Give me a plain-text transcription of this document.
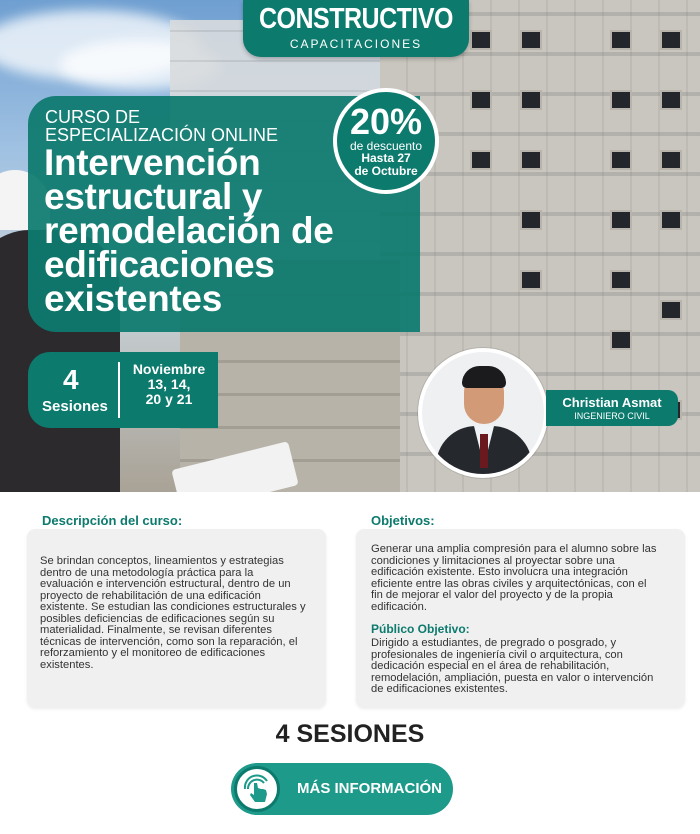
CONSTRUCTIVO
CAPACITACIONES
CURSO DE
ESPECIALIZACIÓN ONLINE
Intervención
estructural y
remodelación de
edificaciones
existentes
20%
de descuento
Hasta 27
de Octubre
4
Sesiones
Noviembre
13, 14,
20 y 21	Christian Asmat
INGENIERO CIVIL
Descripción del curso:
Se brindan conceptos, lineamientos y estrategias
dentro de una metodología práctica para la
evaluación e intervención estructural, dentro de un
proyecto de rehabilitación de una edificación
existente. Se estudian las condiciones estructurales y
posibles deficiencias de edificaciones según su
materialidad. Finalmente, se revisan diferentes
técnicas de intervención, como son la reparación, el
reforzamiento y el monitoreo de edificaciones
existentes.
Objetivos:
Generar una amplia compresión para el alumno sobre las
condiciones y limitaciones al proyectar sobre una
edificación existente. Esto involucra una integración
eficiente entre las obras civiles y arquitectónicas, con el
fin de mejorar el valor del proyecto y de la propia
edificación.
Público Objetivo:
Dirigido a estudiantes, de pregrado o posgrado, y
profesionales de ingeniería civil o arquitectura, con
dedicación especial en el área de rehabilitación,
remodelación, ampliación, puesta en valor o intervención
de edificaciones existentes.
4 SESIONES
MÁS INFORMACIÓN
